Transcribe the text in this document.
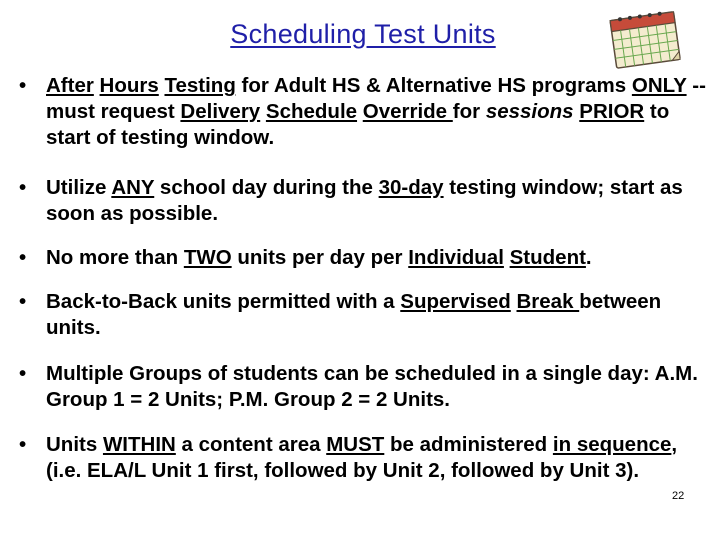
Scheduling Test Units
• After Hours Testing for Adult HS & Alternative HS programs ONLY -- must request Delivery Schedule Override for sessions PRIOR to start of testing window.
• Utilize ANY school day during the 30-day testing window; start as soon as possible.
• No more than TWO units per day per Individual Student.
• Back-to-Back units permitted with a Supervised Break between units.
• Multiple Groups of students can be scheduled in a single day: A.M. Group 1 = 2 Units; P.M. Group 2 = 2 Units.
• Units WITHIN a content area MUST be administered in sequence, (i.e. ELA/L Unit 1 first, followed by Unit 2, followed by Unit 3).
22
